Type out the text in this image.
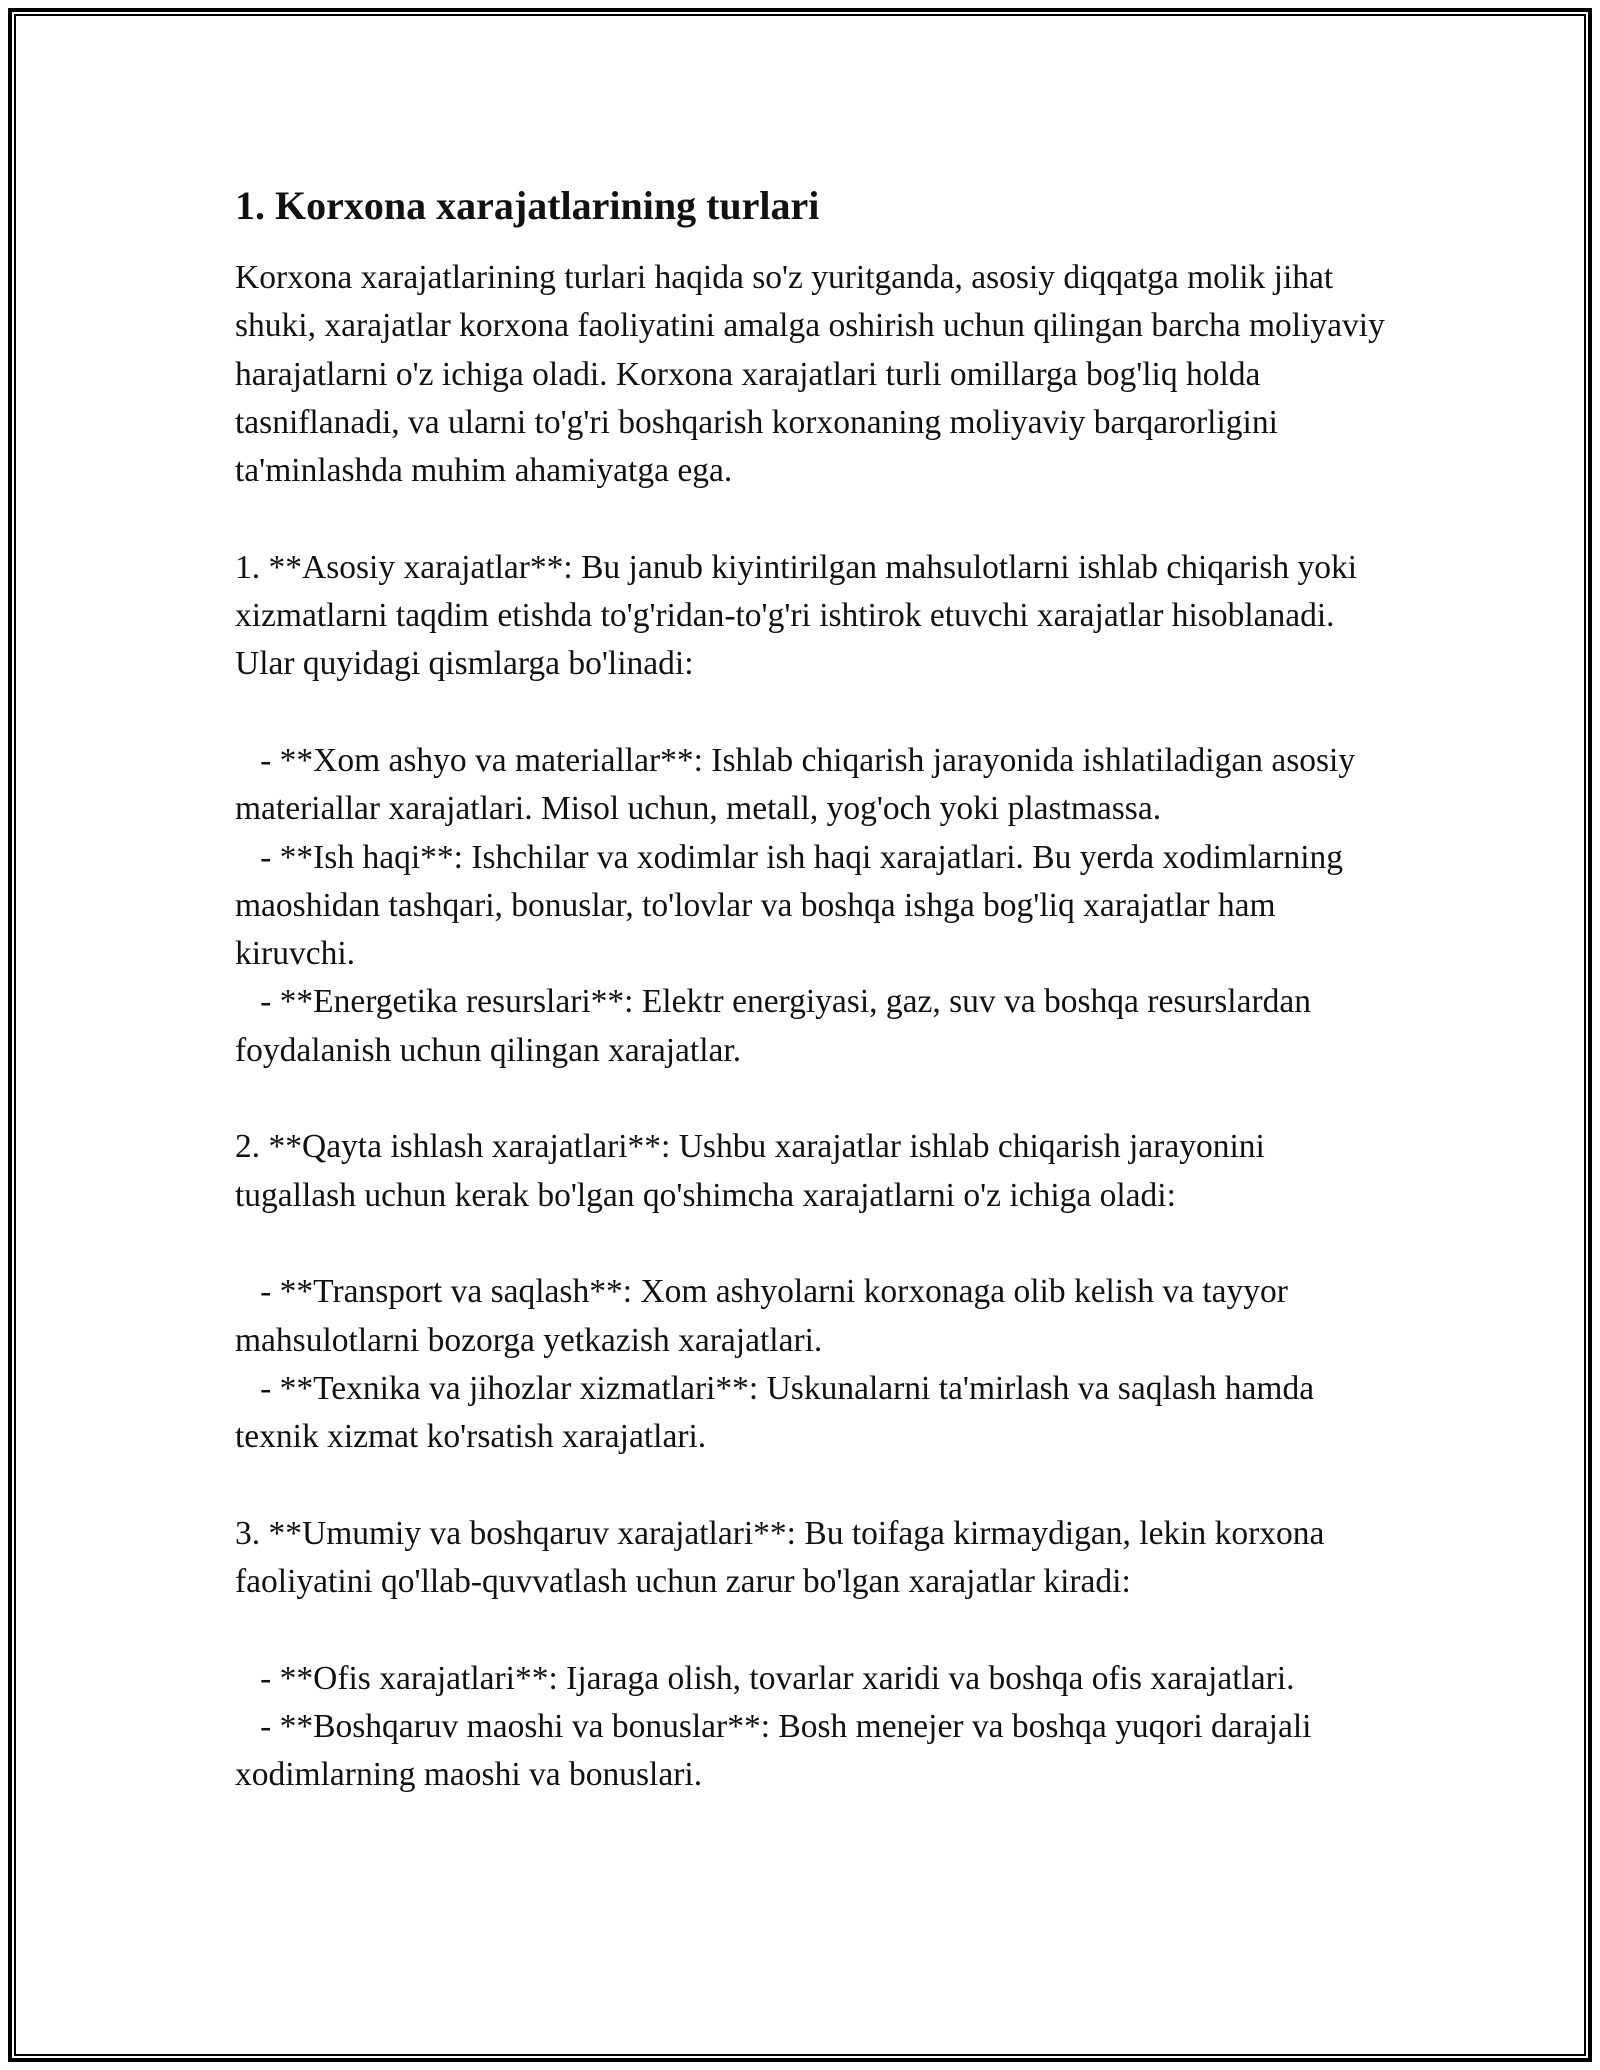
1. Korxona xarajatlarining turlari

Korxona xarajatlarining turlari haqida so'z yuritganda, asosiy diqqatga molik jihat shuki, xarajatlar korxona faoliyatini amalga oshirish uchun qilingan barcha moliyaviy harajatlarni o'z ichiga oladi. Korxona xarajatlari turli omillarga bog'liq holda tasniflanadi, va ularni to'g'ri boshqarish korxonaning moliyaviy barqarorligini ta'minlashda muhim ahamiyatga ega.

1. **Asosiy xarajatlar**: Bu janub kiyintirilgan mahsulotlarni ishlab chiqarish yoki xizmatlarni taqdim etishda to'g'ridan-to'g'ri ishtirok etuvchi xarajatlar hisoblanadi. Ular quyidagi qismlarga bo'linadi:

- **Xom ashyo va materiallar**: Ishlab chiqarish jarayonida ishlatiladigan asosiy materiallar xarajatlari. Misol uchun, metall, yog'och yoki plastmassa.

- **Ish haqi**: Ishchilar va xodimlar ish haqi xarajatlari. Bu yerda xodimlarning maoshidan tashqari, bonuslar, to'lovlar va boshqa ishga bog'liq xarajatlar ham kiruvchi.

- **Energetika resurslari**: Elektr energiyasi, gaz, suv va boshqa resurslardan foydalanish uchun qilingan xarajatlar.

2. **Qayta ishlash xarajatlari**: Ushbu xarajatlar ishlab chiqarish jarayonini tugallash uchun kerak bo'lgan qo'shimcha xarajatlarni o'z ichiga oladi:

- **Transport va saqlash**: Xom ashyolarni korxonaga olib kelish va tayyor mahsulotlarni bozorga yetkazish xarajatlari.

- **Texnika va jihozlar xizmatlari**: Uskunalarni ta'mirlash va saqlash hamda texnik xizmat ko'rsatish xarajatlari.

3. **Umumiy va boshqaruv xarajatlari**: Bu toifaga kirmaydigan, lekin korxona faoliyatini qo'llab-quvvatlash uchun zarur bo'lgan xarajatlar kiradi:

- **Ofis xarajatlari**: Ijaraga olish, tovarlar xaridi va boshqa ofis xarajatlari.

- **Boshqaruv maoshi va bonuslar**: Bosh menejer va boshqa yuqori darajali xodimlarning maoshi va bonuslari.
